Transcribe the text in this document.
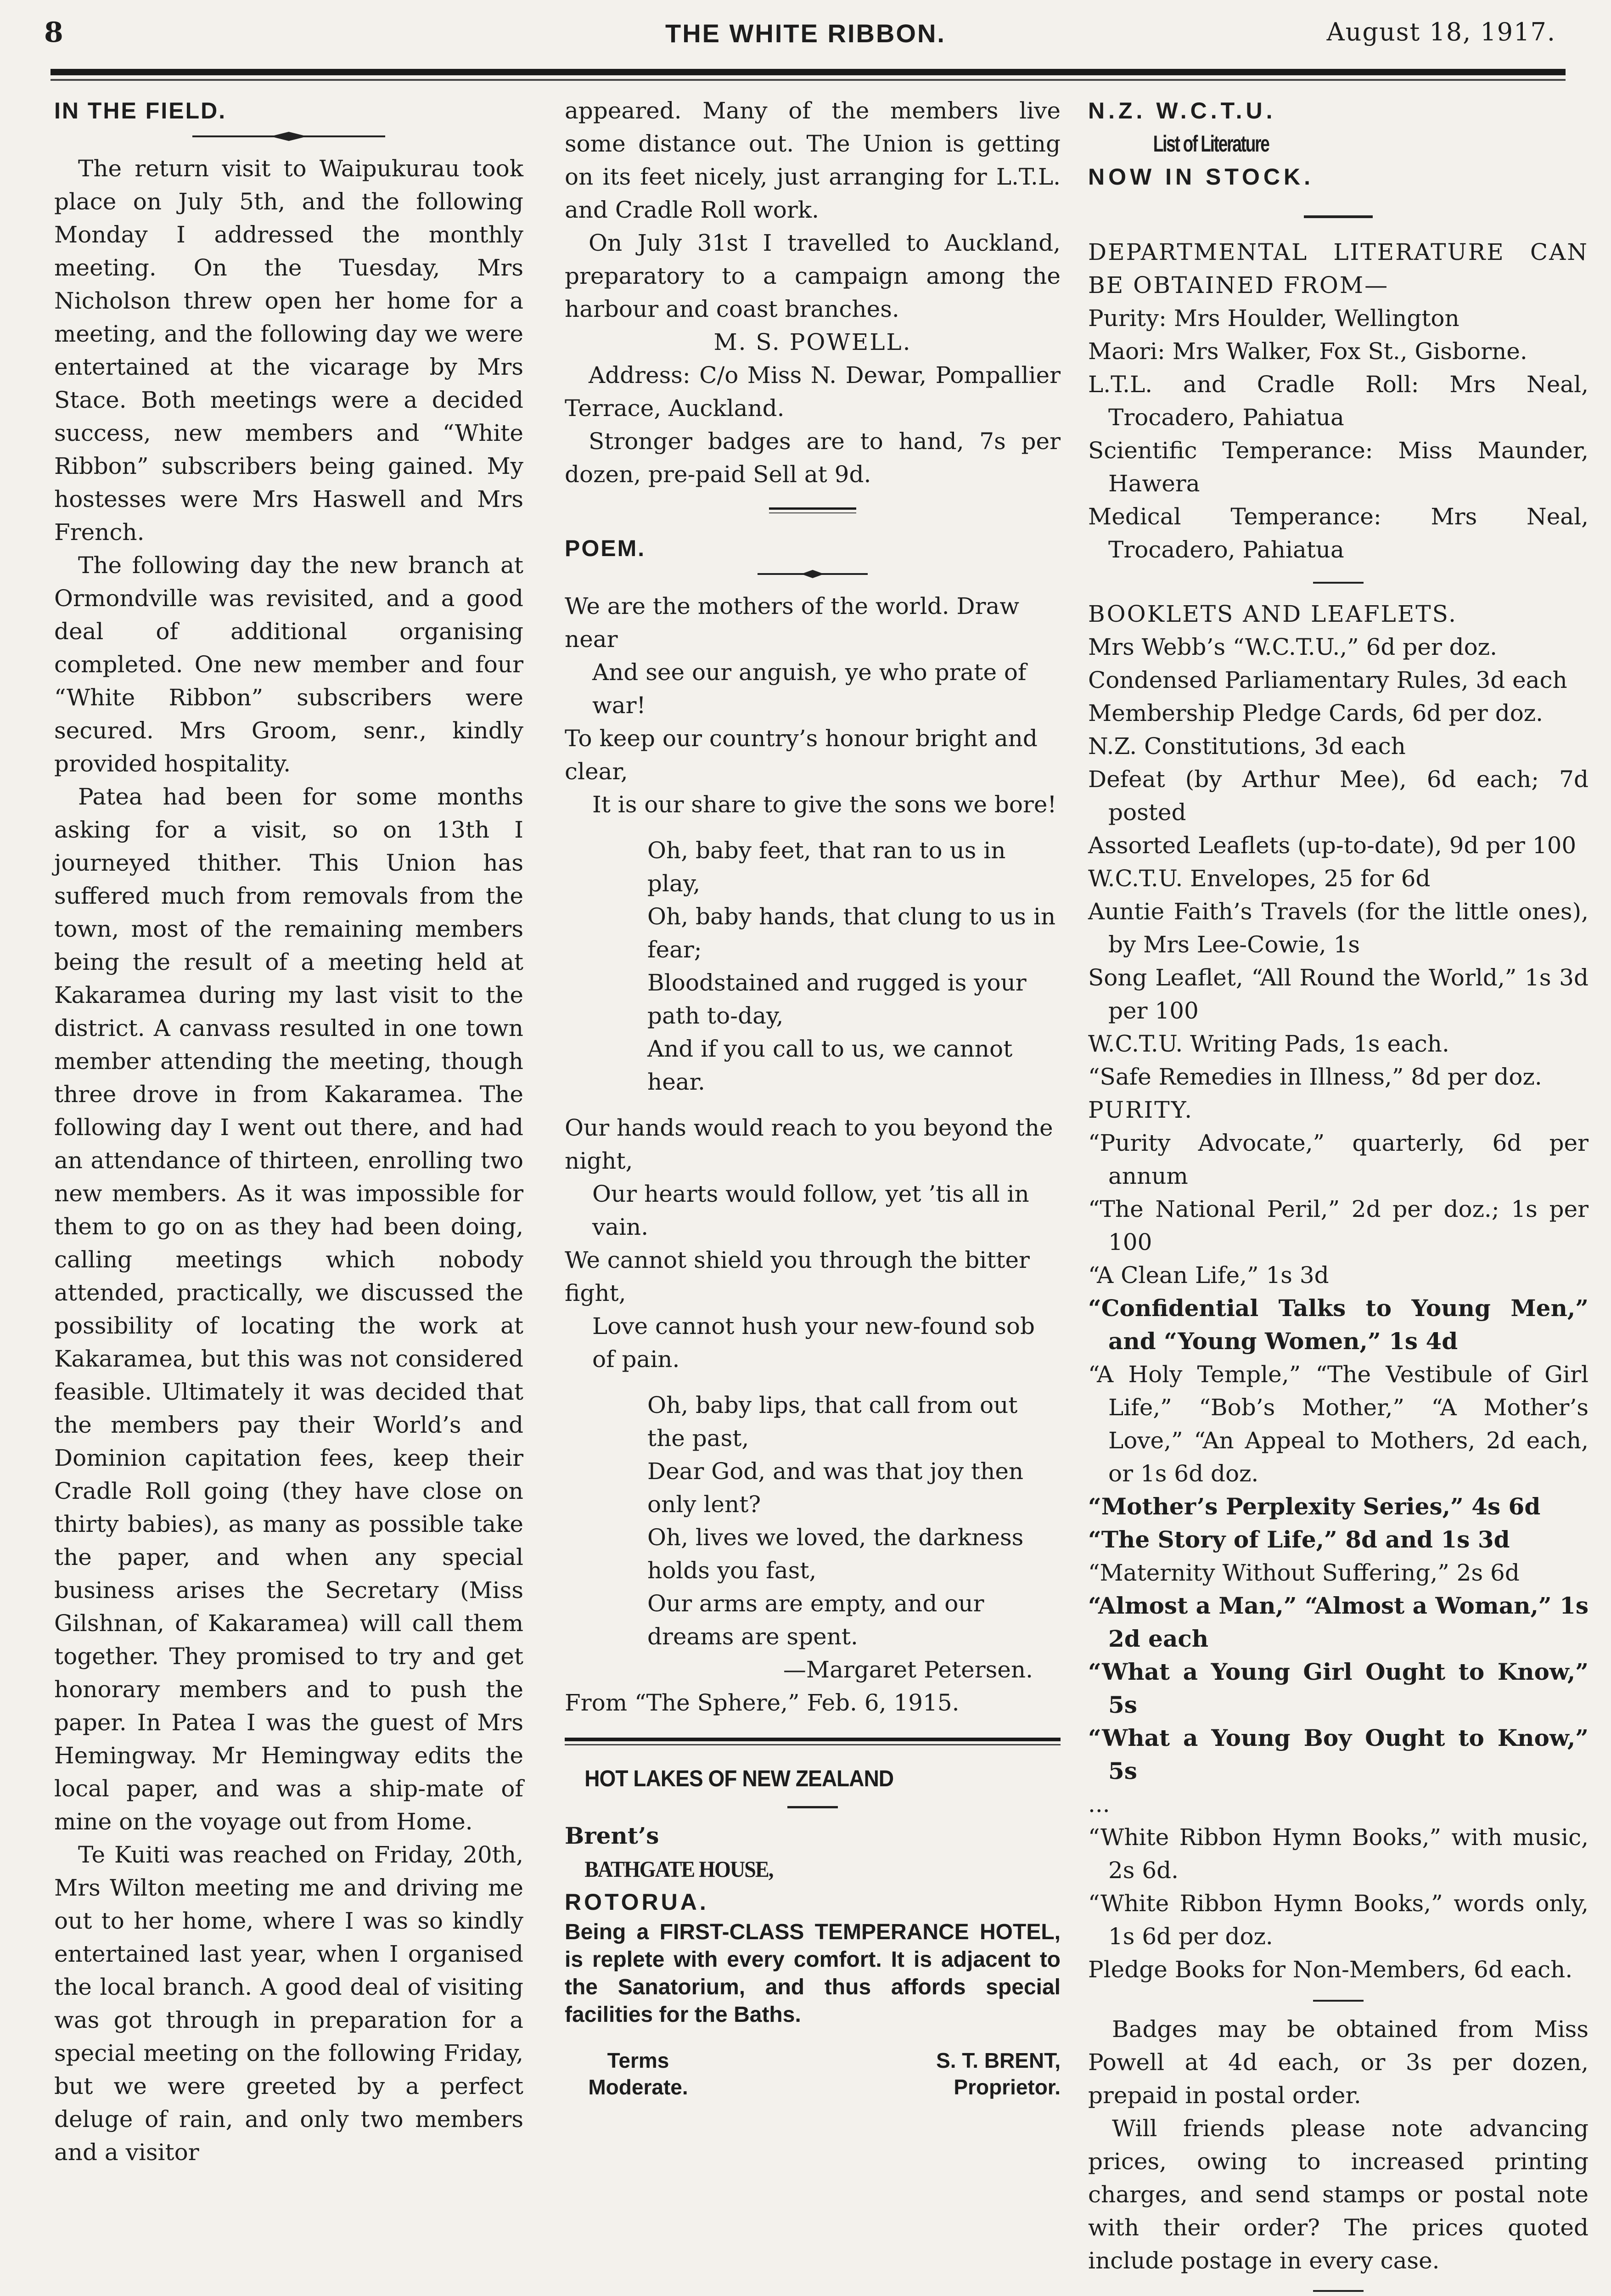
8	THE WHITE RIBBON.	August 18, 1917.

IN THE FIELD.

The return visit to Waipukurau took place on July 5th, and the following Monday I addressed the monthly meeting. On the Tuesday, Mrs Nicholson threw open her home for a meeting, and the following day we were entertained at the vicarage by Mrs Stace. Both meetings were a decided success, new members and “White Ribbon” subscribers being gained. My hostesses were Mrs Haswell and Mrs French.

The following day the new branch at Ormondville was revisited, and a good deal of additional organising completed. One new member and four “White Ribbon” subscribers were secured. Mrs Groom, senr., kindly provided hospitality.

Patea had been for some months asking for a visit, so on 13th I journeyed thither. This Union has suffered much from removals from the town, most of the remaining members being the result of a meeting held at Kakaramea during my last visit to the district. A canvass resulted in one town member attending the meeting, though three drove in from Kakaramea. The following day I went out there, and had an attendance of thirteen, enrolling two new members. As it was impossible for them to go on as they had been doing, calling meetings which nobody attended, practically, we discussed the possibility of locating the work at Kakaramea, but this was not considered feasible. Ultimately it was decided that the members pay their World’s and Dominion capitation fees, keep their Cradle Roll going (they have close on thirty babies), as many as possible take the paper, and when any special business arises the Secretary (Miss Gilshnan, of Kakaramea) will call them together. They promised to try and get honorary members and to push the paper. In Patea I was the guest of Mrs Hemingway. Mr Hemingway edits the local paper, and was a ship-mate of mine on the voyage out from Home.

Te Kuiti was reached on Friday, 20th, Mrs Wilton meeting me and driving me out to her home, where I was so kindly entertained last year, when I organised the local branch. A good deal of visiting was got through in preparation for a special meeting on the following Friday, but we were greeted by a perfect deluge of rain, and only two members and a visitor

appeared. Many of the members live some distance out. The Union is getting on its feet nicely, just arranging for L.T.L. and Cradle Roll work.

On July 31st I travelled to Auckland, preparatory to a campaign among the harbour and coast branches.

M. S. POWELL.

Address: C/o Miss N. Dewar, Pompallier Terrace, Auckland.

Stronger badges are to hand, 7s per dozen, pre-paid Sell at 9d.

POEM.

We are the mothers of the world. Draw near

And see our anguish, ye who prate of war!

To keep our country’s honour bright and clear,

It is our share to give the sons we bore!

Oh, baby feet, that ran to us in play,

Oh, baby hands, that clung to us in fear;

Bloodstained and rugged is your path to-day,

And if you call to us, we cannot hear.

Our hands would reach to you beyond the night,

Our hearts would follow, yet ’tis all in vain.

We cannot shield you through the bitter fight,

Love cannot hush your new-found sob of pain.

Oh, baby lips, that call from out the past,

Dear God, and was that joy then only lent?

Oh, lives we loved, the darkness holds you fast,

Our arms are empty, and our dreams are spent.

—Margaret Petersen.

From “The Sphere,” Feb. 6, 1915.

HOT LAKES OF NEW ZEALAND

Brent’s

BATHGATE HOUSE,

ROTORUA.

Being a FIRST-CLASS TEMPERANCE HOTEL, is replete with every comfort. It is adjacent to the Sanatorium, and thus affords special facilities for the Baths.

Terms Moderate.
S. T. BRENT,
Proprietor.

N.Z. W.C.T.U.

List of Literature

NOW IN STOCK.

DEPARTMENTAL LITERATURE CAN BE OBTAINED FROM—

Purity: Mrs Houlder, Wellington

Maori: Mrs Walker, Fox St., Gisborne.

L.T.L. and Cradle Roll: Mrs Neal, Trocadero, Pahiatua

Scientific Temperance: Miss Maunder, Hawera

Medical Temperance: Mrs Neal, Trocadero, Pahiatua

BOOKLETS AND LEAFLETS.

Mrs Webb’s “W.C.T.U.,” 6d per doz.

Condensed Parliamentary Rules, 3d each

Membership Pledge Cards, 6d per doz.

N.Z. Constitutions, 3d each

Defeat (by Arthur Mee), 6d each; 7d posted

Assorted Leaflets (up-to-date), 9d per 100

W.C.T.U. Envelopes, 25 for 6d

Auntie Faith’s Travels (for the little ones), by Mrs Lee-Cowie, 1s

Song Leaflet, “All Round the World,” 1s 3d per 100

W.C.T.U. Writing Pads, 1s each.

“Safe Remedies in Illness,” 8d per doz.

PURITY.

“Purity Advocate,” quarterly, 6d per annum

“The National Peril,” 2d per doz.; 1s per 100

“A Clean Life,” 1s 3d

“Confidential Talks to Young Men,” and “Young Women,” 1s 4d

“A Holy Temple,” “The Vestibule of Girl Life,” “Bob’s Mother,” “A Mother’s Love,” “An Appeal to Mothers, 2d each, or 1s 6d doz.

“Mother’s Perplexity Series,” 4s 6d

“The Story of Life,” 8d and 1s 3d

“Maternity Without Suffering,” 2s 6d

“Almost a Man,” “Almost a Woman,” 1s 2d each

“What a Young Girl Ought to Know,” 5s

“What a Young Boy Ought to Know,” 5s

...

“White Ribbon Hymn Books,” with music, 2s 6d.

“White Ribbon Hymn Books,” words only, 1s 6d per doz.

Pledge Books for Non-Members, 6d each.

Badges may be obtained from Miss Powell at 4d each, or 3s per dozen, prepaid in postal order.

Will friends please note advancing prices, owing to increased printing charges, and send stamps or postal note with their order? The prices quoted include postage in every case.
